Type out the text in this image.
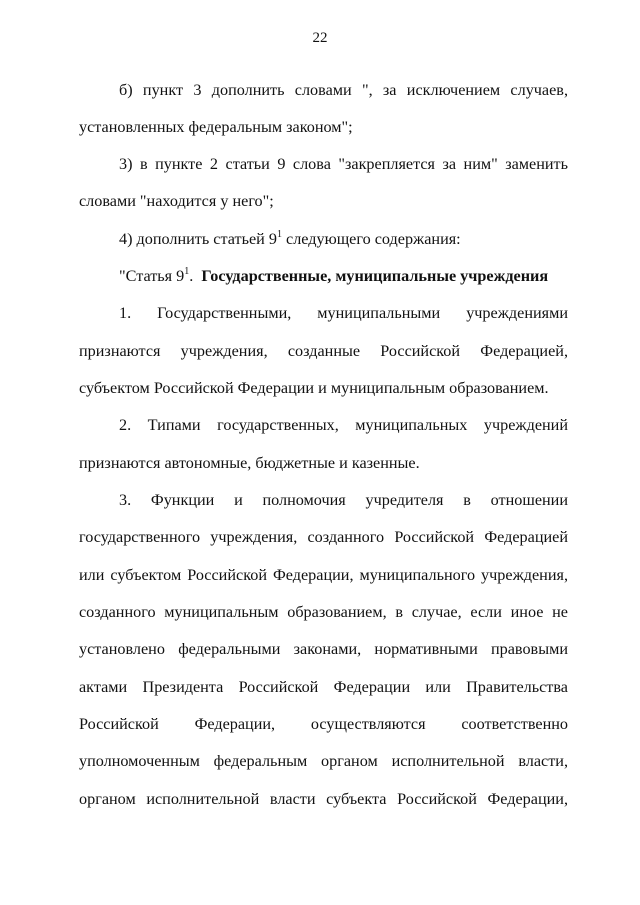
22
б) пункт 3 дополнить словами ", за исключением случаев,
установленных федеральным законом";
3) в пункте 2 статьи 9 слова "закрепляется за ним" заменить
словами "находится у него";
4) дополнить статьей $9^1$ следующего содержания:
"Статья $9^1$. Государственные, муниципальные учреждения
1. Государственными, муниципальными учреждениями
признаются учреждения, созданные Российской Федерацией,
субъектом Российской Федерации и муниципальным образованием.
2. Типами государственных, муниципальных учреждений
признаются автономные, бюджетные и казенные.
3. Функции и полномочия учредителя в отношении
государственного учреждения, созданного Российской Федерацией
или субъектом Российской Федерации, муниципального учреждения,
созданного муниципальным образованием, в случае, если иное не
установлено федеральными законами, нормативными правовыми
актами Президента Российской Федерации или Правительства
Российской Федерации, осуществляются соответственно
уполномоченным федеральным органом исполнительной власти,
органом исполнительной власти субъекта Российской Федерации,
